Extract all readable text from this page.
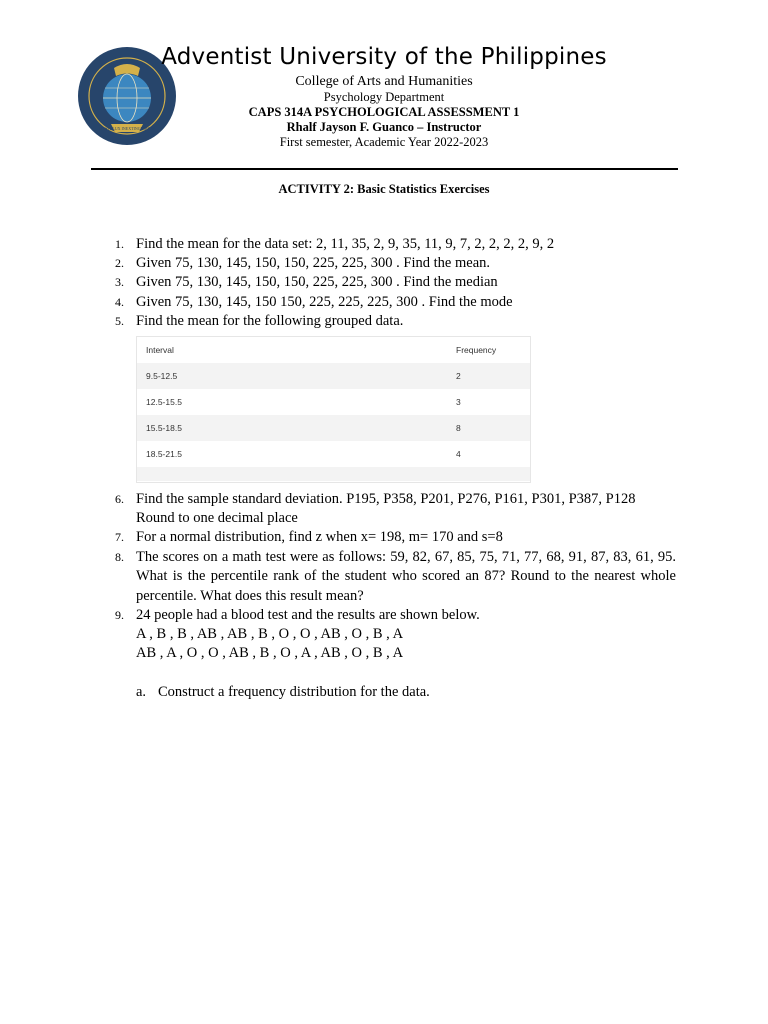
UT SIT LUX INEXTINGUIBILIS
Adventist University of the Philippines
College of Arts and Humanities
Psychology Department
CAPS 314A PSYCHOLOGICAL ASSESSMENT 1
Rhalf Jayson F. Guanco – Instructor
First semester, Academic Year 2022-2023
ACTIVITY 2: Basic Statistics Exercises
1. Find the mean for the data set: 2, 11, 35, 2, 9, 35, 11, 9, 7, 2, 2, 2, 2, 9, 2
2. Given 75, 130, 145, 150, 150, 225, 225, 300 . Find the mean.
3. Given 75, 130, 145, 150, 150, 225, 225, 300 . Find the median
4. Given 75, 130, 145, 150 150, 225, 225, 225, 300 . Find the mode
5. Find the mean for the following grouped data.
Interval	Frequency
9.5-12.5	2
12.5-15.5	3
15.5-18.5	8
18.5-21.5	4
6. Find the sample standard deviation. P195, P358, P201, P276, P161, P301, P387, P128 Round to one decimal place
7. For a normal distribution, find z when x= 198, m= 170 and s=8
8. The scores on a math test were as follows: 59, 82, 67, 85, 75, 71, 77, 68, 91, 87, 83, 61, 95. What is the percentile rank of the student who scored an 87? Round to the nearest whole percentile. What does this result mean?
9. 24 people had a blood test and the results are shown below.
A , B , B , AB , AB , B , O , O , AB , O , B , A
AB , A , O , O , AB , B , O , A , AB , O , B , A
a. Construct a frequency distribution for the data.
